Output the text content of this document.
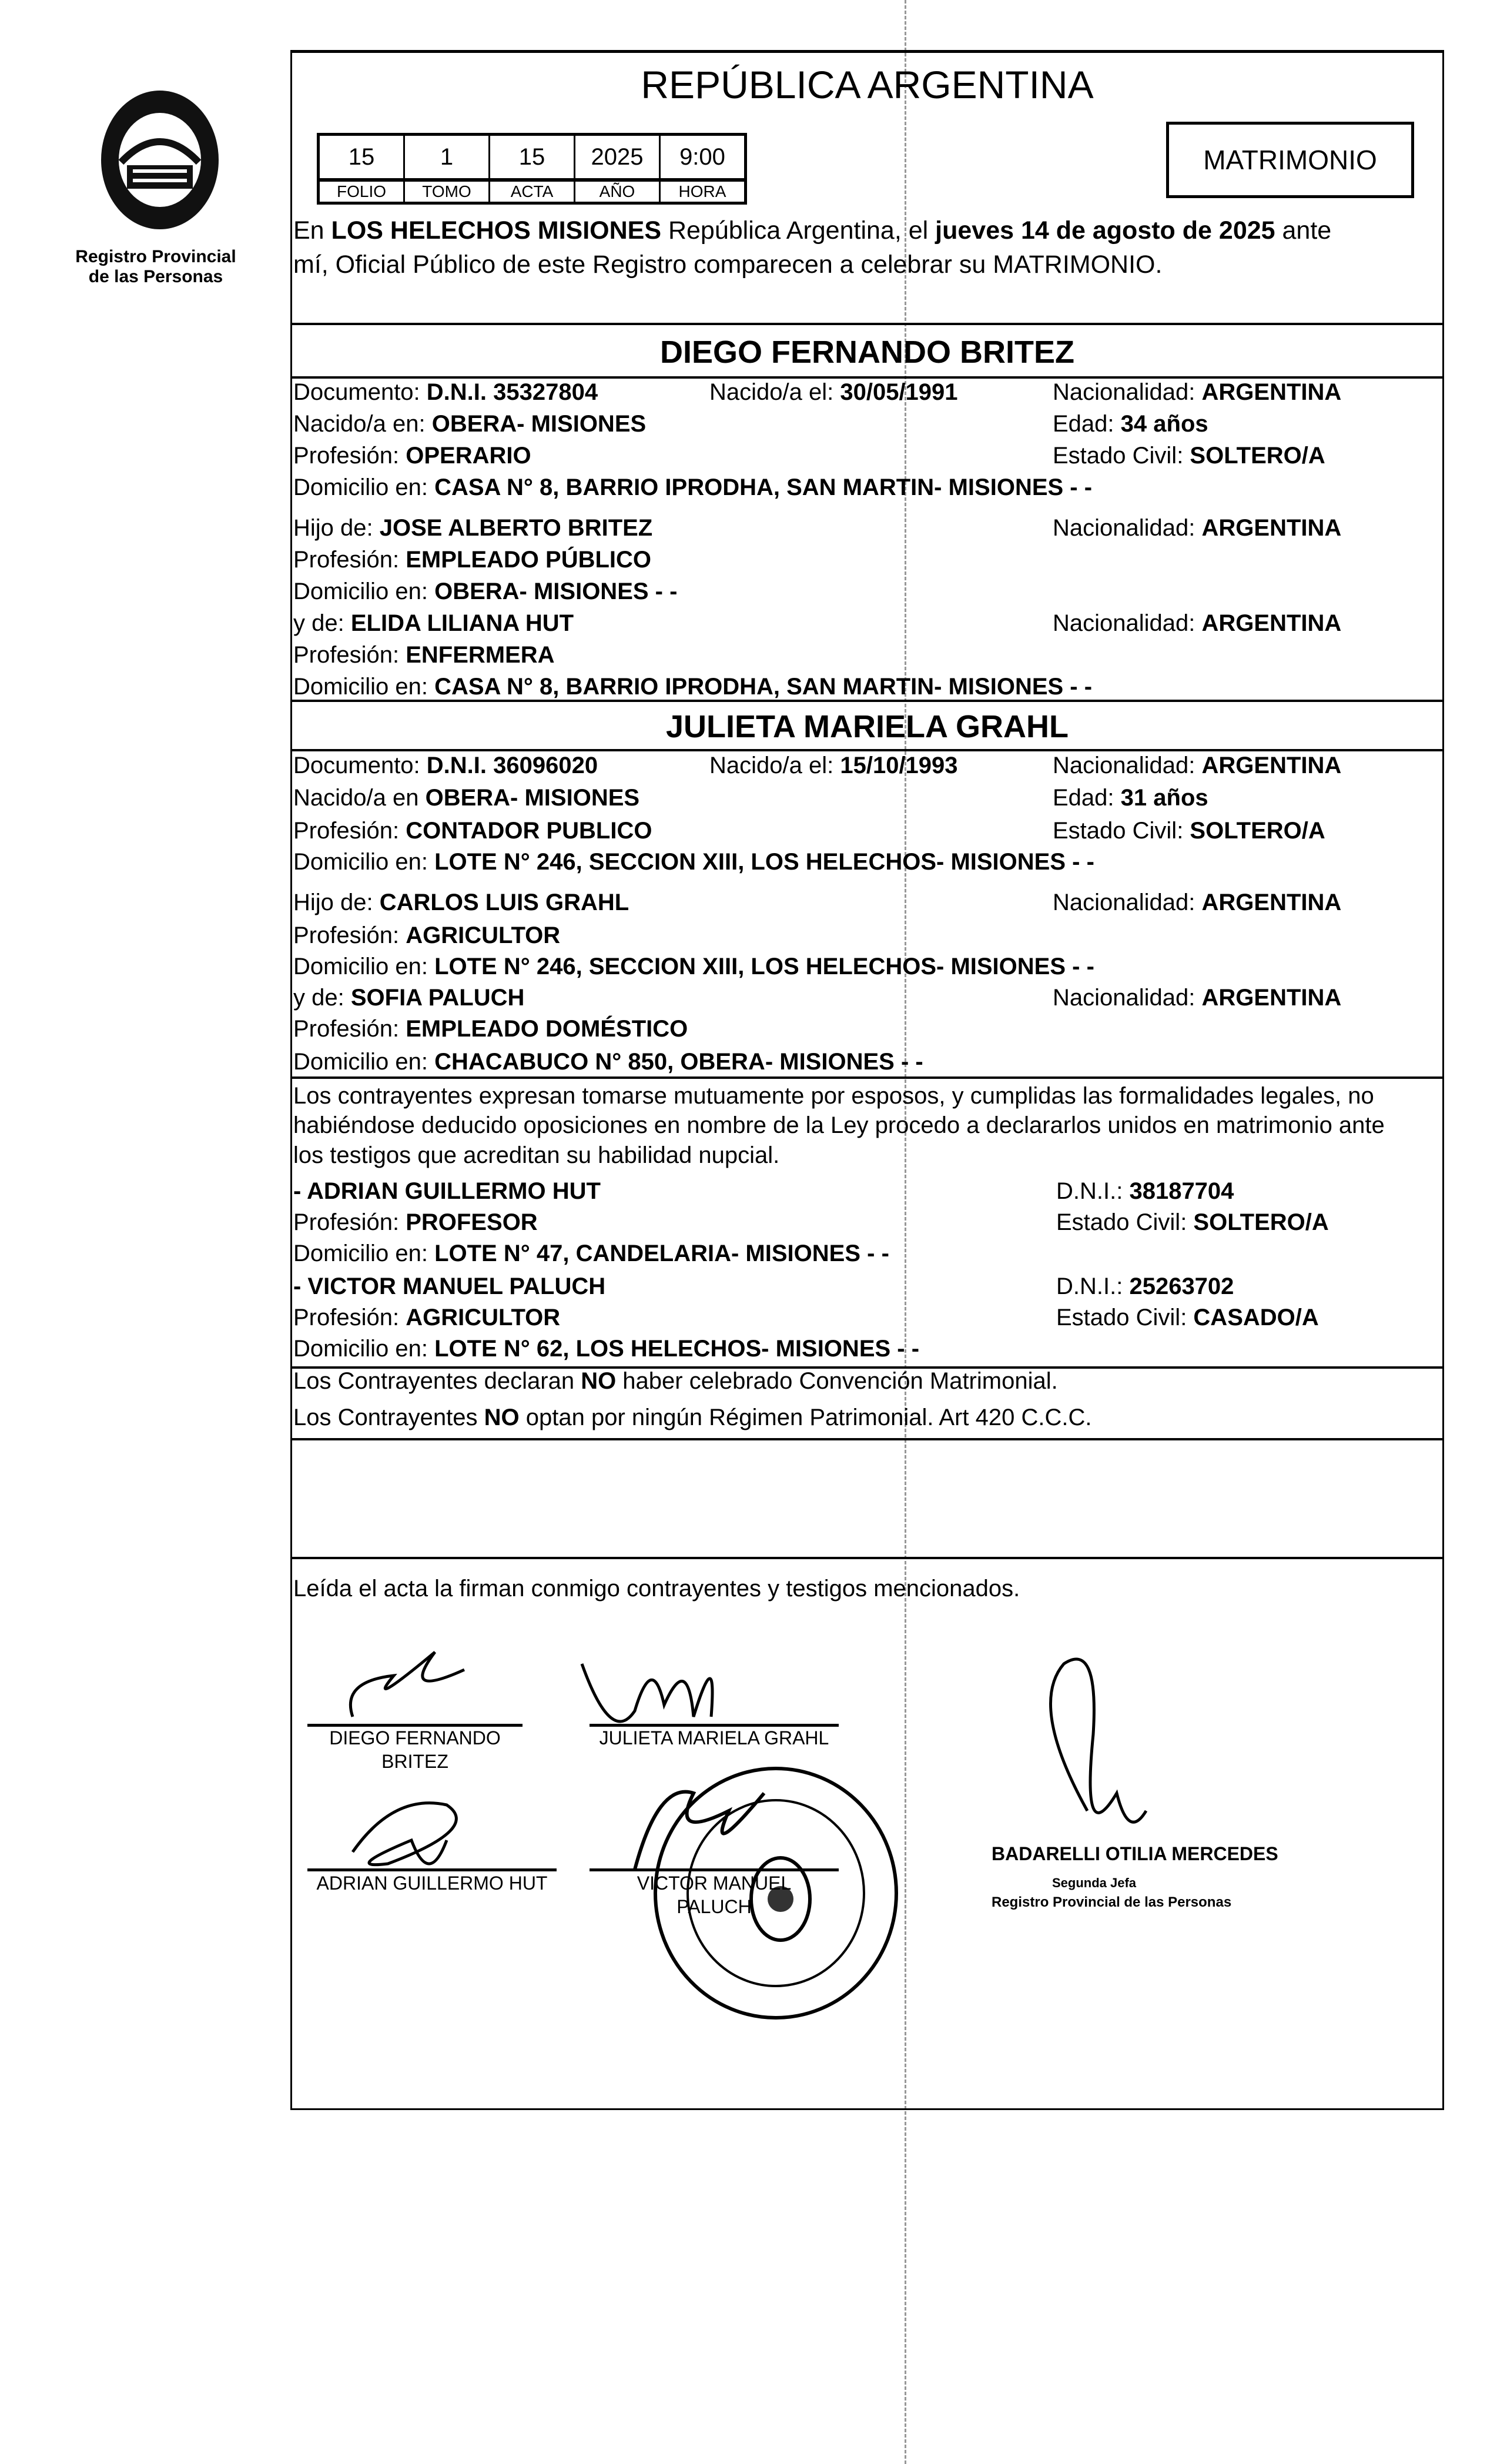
Registro Provincial
de las Personas
REPÚBLICA ARGENTINA
15	1	15	2025	9:00
FOLIO	TOMO	ACTA	AÑO	HORA
MATRIMONIO
En LOS HELECHOS MISIONES República Argentina, el jueves 14 de agosto de 2025 ante
mí, Oficial Público de este Registro comparecen a celebrar su MATRIMONIO.
DIEGO FERNANDO BRITEZ
Documento: D.N.I. 35327804	Nacido/a el: 30/05/1991	Nacionalidad: ARGENTINA
Nacido/a en: OBERA- MISIONES	Edad: 34 años
Profesión: OPERARIO	Estado Civil: SOLTERO/A
Domicilio en: CASA N° 8, BARRIO IPRODHA, SAN MARTIN- MISIONES - -
Hijo de: JOSE ALBERTO BRITEZ	Nacionalidad: ARGENTINA
Profesión: EMPLEADO PÚBLICO
Domicilio en: OBERA- MISIONES - -
y de: ELIDA LILIANA HUT	Nacionalidad: ARGENTINA
Profesión: ENFERMERA
Domicilio en: CASA N° 8, BARRIO IPRODHA, SAN MARTIN- MISIONES - -
JULIETA MARIELA GRAHL
Documento: D.N.I. 36096020	Nacido/a el: 15/10/1993	Nacionalidad: ARGENTINA
Nacido/a en OBERA- MISIONES	Edad: 31 años
Profesión: CONTADOR PUBLICO	Estado Civil: SOLTERO/A
Domicilio en: LOTE N° 246, SECCION XIII, LOS HELECHOS- MISIONES - -
Hijo de: CARLOS LUIS GRAHL	Nacionalidad: ARGENTINA
Profesión: AGRICULTOR
Domicilio en: LOTE N° 246, SECCION XIII, LOS HELECHOS- MISIONES - -
y de: SOFIA PALUCH	Nacionalidad: ARGENTINA
Profesión: EMPLEADO DOMÉSTICO
Domicilio en: CHACABUCO N° 850, OBERA- MISIONES - -
Los contrayentes expresan tomarse mutuamente por esposos, y cumplidas las formalidades legales, no
habiéndose deducido oposiciones en nombre de la Ley procedo a declararlos unidos en matrimonio ante
los testigos que acreditan su habilidad nupcial.
- ADRIAN GUILLERMO HUT	D.N.I.: 38187704
Profesión: PROFESOR	Estado Civil: SOLTERO/A
Domicilio en: LOTE N° 47, CANDELARIA- MISIONES - -
- VICTOR MANUEL PALUCH	D.N.I.: 25263702
Profesión: AGRICULTOR	Estado Civil: CASADO/A
Domicilio en: LOTE N° 62, LOS HELECHOS- MISIONES - -
Los Contrayentes declaran NO haber celebrado Convención Matrimonial.
Los Contrayentes NO optan por ningún Régimen Patrimonial. Art 420 C.C.C.
Leída el acta la firman conmigo contrayentes y testigos mencionados.
DIEGO FERNANDO
BRITEZ
JULIETA MARIELA GRAHL
ADRIAN GUILLERMO HUT	VICTOR MANUEL
PALUCH
BADARELLI OTILIA MERCEDES
Segunda Jefa
Registro Provincial de las Personas
